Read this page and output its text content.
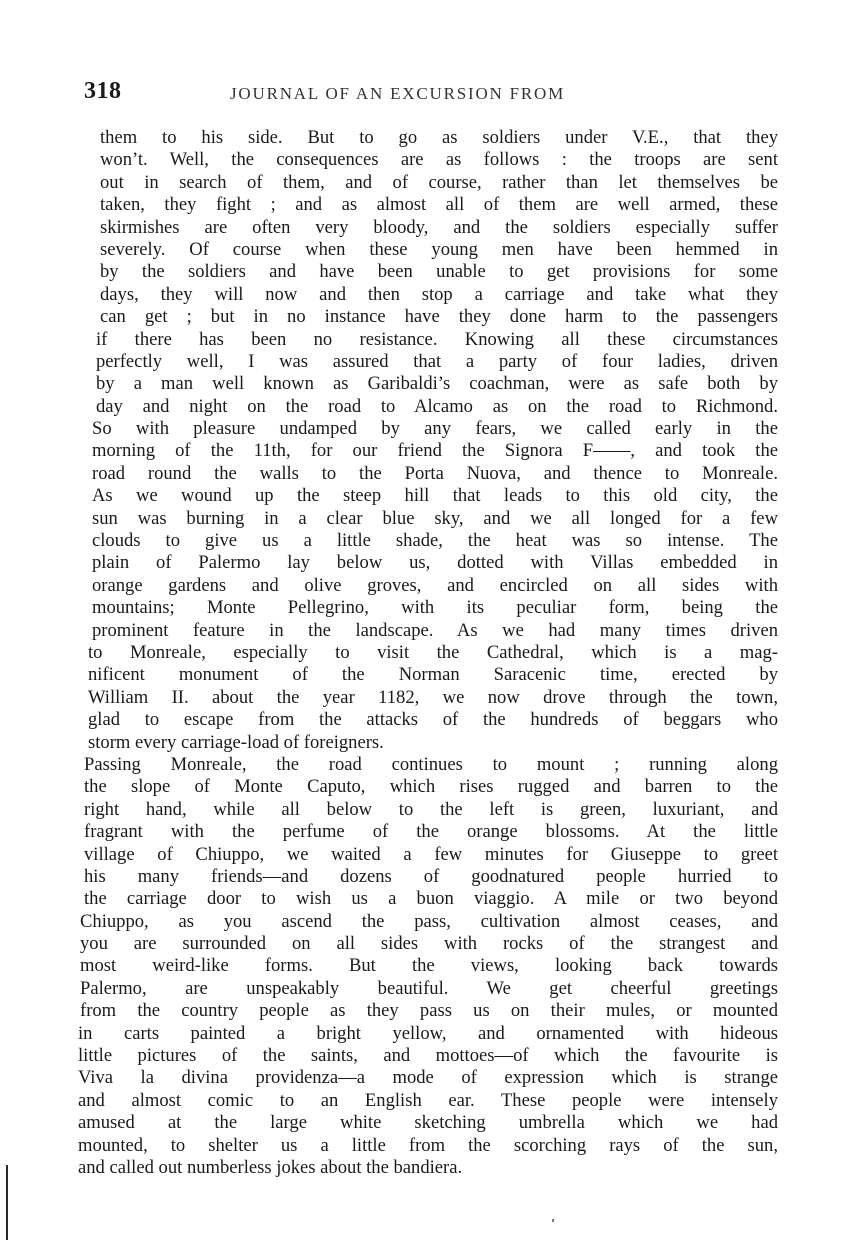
318	JOURNAL OF AN EXCURSION FROM
them to his side. But to go as soldiers under V.E., that they
won’t. Well, the consequences are as follows : the troops are sent
out in search of them, and of course, rather than let themselves be
taken, they fight ; and as almost all of them are well armed, these
skirmishes are often very bloody, and the soldiers especially suffer
severely. Of course when these young men have been hemmed in
by the soldiers and have been unable to get provisions for some
days, they will now and then stop a carriage and take what they
can get ; but in no instance have they done harm to the passengers
if there has been no resistance. Knowing all these circumstances
perfectly well, I was assured that a party of four ladies, driven
by a man well known as Garibaldi’s coachman, were as safe both by
day and night on the road to Alcamo as on the road to Richmond.
So with pleasure undamped by any fears, we called early in the
morning of the 11th, for our friend the Signora F——, and took the
road round the walls to the Porta Nuova, and thence to Monreale.
As we wound up the steep hill that leads to this old city, the
sun was burning in a clear blue sky, and we all longed for a few
clouds to give us a little shade, the heat was so intense. The
plain of Palermo lay below us, dotted with Villas embedded in
orange gardens and olive groves, and encircled on all sides with
mountains; Monte Pellegrino, with its peculiar form, being the
prominent feature in the landscape. As we had many times driven
to Monreale, especially to visit the Cathedral, which is a mag-
nificent monument of the Norman Saracenic time, erected by
William II. about the year 1182, we now drove through the town,
glad to escape from the attacks of the hundreds of beggars who
storm every carriage-load of foreigners.
Passing Monreale, the road continues to mount ; running along
the slope of Monte Caputo, which rises rugged and barren to the
right hand, while all below to the left is green, luxuriant, and
fragrant with the perfume of the orange blossoms. At the little
village of Chiuppo, we waited a few minutes for Giuseppe to greet
his many friends—and dozens of goodnatured people hurried to
the carriage door to wish us a buon viaggio. A mile or two beyond
Chiuppo, as you ascend the pass, cultivation almost ceases, and
you are surrounded on all sides with rocks of the strangest and
most weird-like forms. But the views, looking back towards
Palermo, are unspeakably beautiful. We get cheerful greetings
from the country people as they pass us on their mules, or mounted
in carts painted a bright yellow, and ornamented with hideous
little pictures of the saints, and mottoes—of which the favourite is
Viva la divina providenza—a mode of expression which is strange
and almost comic to an English ear. These people were intensely
amused at the large white sketching umbrella which we had
mounted, to shelter us a little from the scorching rays of the sun,
and called out numberless jokes about the bandiera.
